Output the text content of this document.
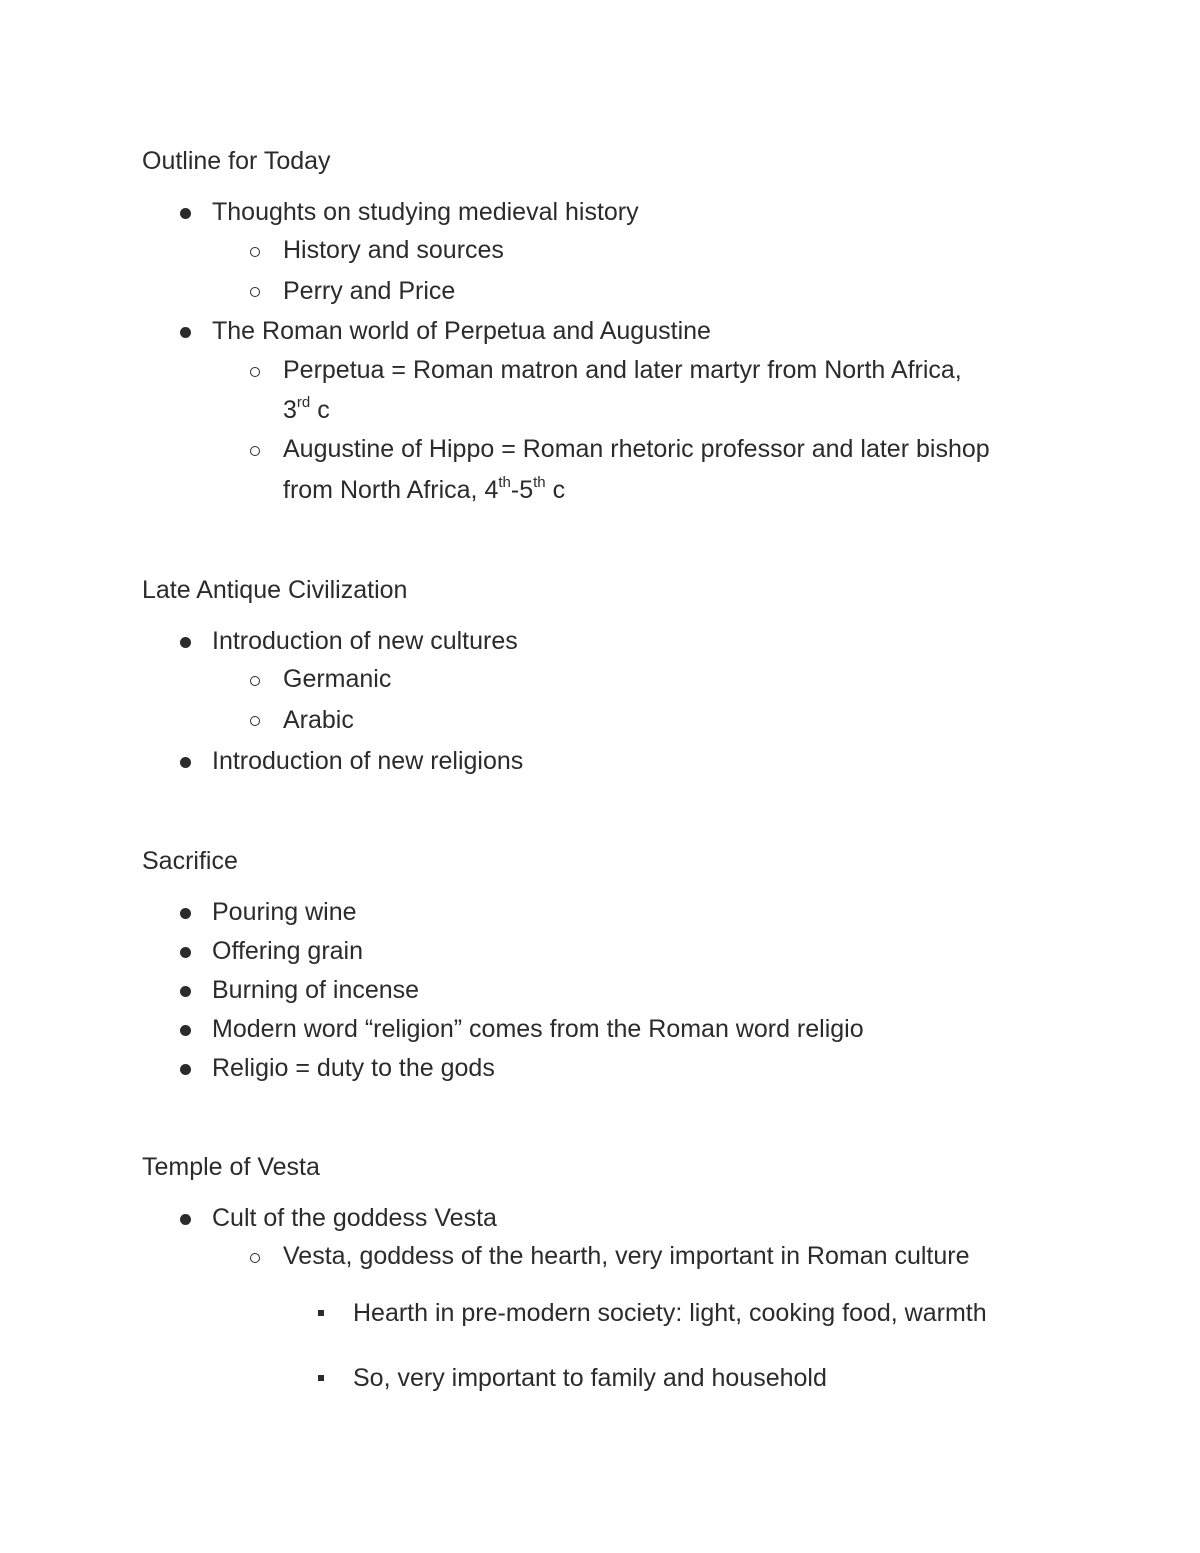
Outline for Today
Thoughts on studying medieval history
History and sources
Perry and Price
The Roman world of Perpetua and Augustine
Perpetua = Roman matron and later martyr from North Africa,
3rd c
Augustine of Hippo = Roman rhetoric professor and later bishop
from North Africa, 4th-5th c
Late Antique Civilization
Introduction of new cultures
Germanic
Arabic
Introduction of new religions
Sacrifice
Pouring wine
Offering grain
Burning of incense
Modern word “religion” comes from the Roman word religio
Religio = duty to the gods
Temple of Vesta
Cult of the goddess Vesta
Vesta, goddess of the hearth, very important in Roman culture
Hearth in pre-modern society: light, cooking food, warmth
So, very important to family and household
